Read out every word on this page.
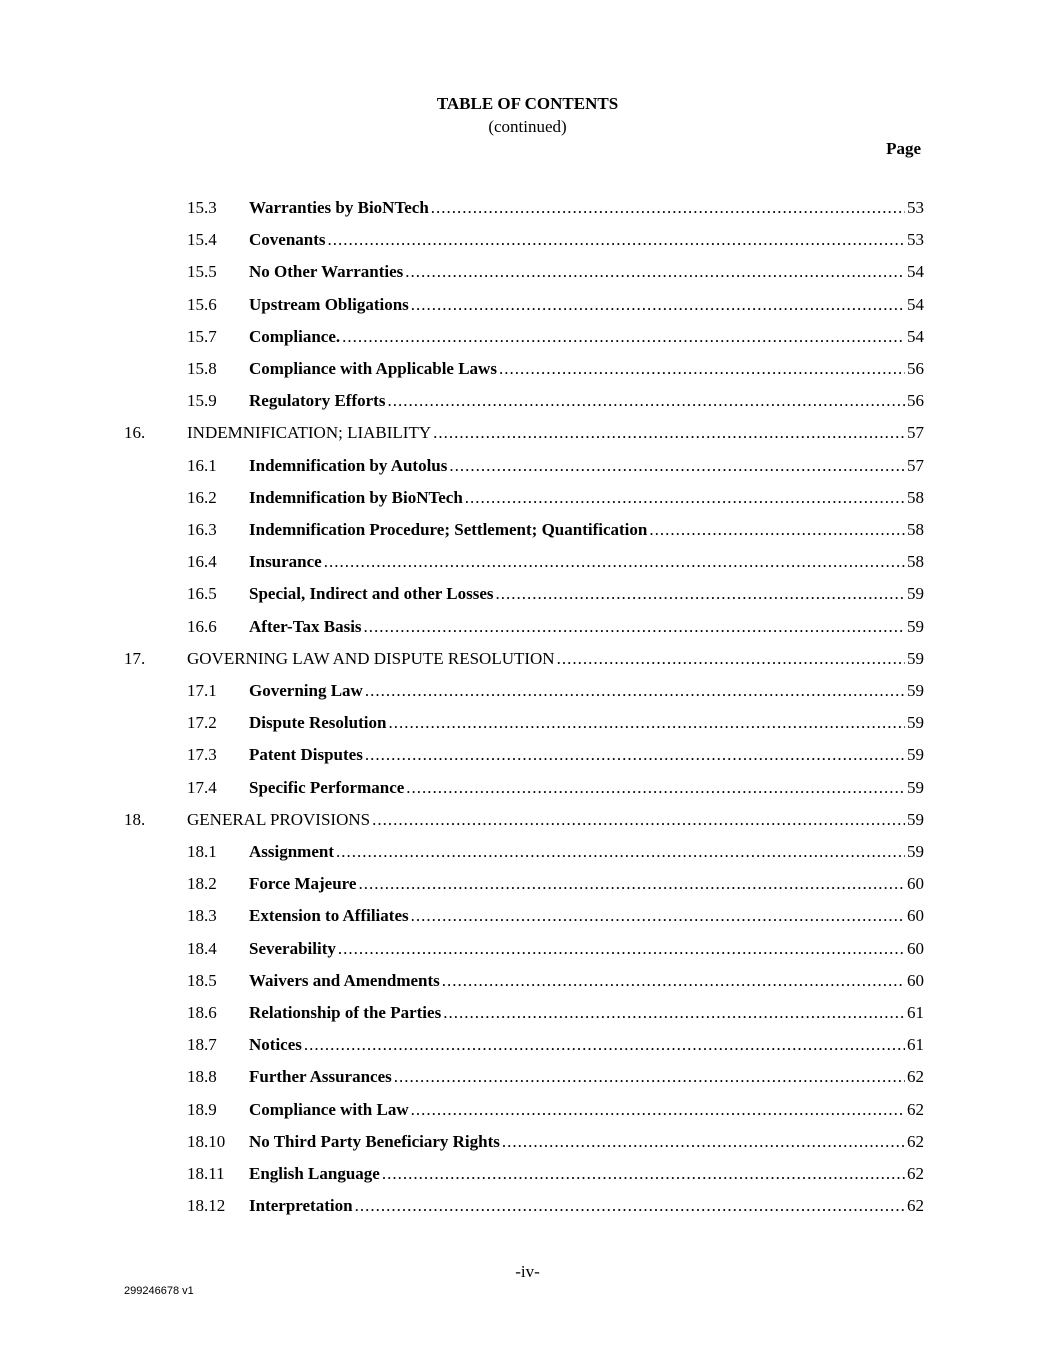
TABLE OF CONTENTS
(continued)
Page
15.3 Warranties by BioNTech .....	53
15.4 Covenants .....	53
15.5 No Other Warranties .....	54
15.6 Upstream Obligations .....	54
15.7 Compliance. .....	54
15.8 Compliance with Applicable Laws .....	56
15.9 Regulatory Efforts .....	56
16. INDEMNIFICATION; LIABILITY .....	57
16.1 Indemnification by Autolus .....	57
16.2 Indemnification by BioNTech .....	58
16.3 Indemnification Procedure; Settlement; Quantification .....	58
16.4 Insurance .....	58
16.5 Special, Indirect and other Losses .....	59
16.6 After-Tax Basis .....	59
17. GOVERNING LAW AND DISPUTE RESOLUTION .....	59
17.1 Governing Law .....	59
17.2 Dispute Resolution .....	59
17.3 Patent Disputes .....	59
17.4 Specific Performance .....	59
18. GENERAL PROVISIONS .....	59
18.1 Assignment .....	59
18.2 Force Majeure .....	60
18.3 Extension to Affiliates .....	60
18.4 Severability .....	60
18.5 Waivers and Amendments .....	60
18.6 Relationship of the Parties .....	61
18.7 Notices .....	61
18.8 Further Assurances .....	62
18.9 Compliance with Law .....	62
18.10 No Third Party Beneficiary Rights .....	62
18.11 English Language .....	62
18.12 Interpretation .....	62
-iv-
299246678 v1
